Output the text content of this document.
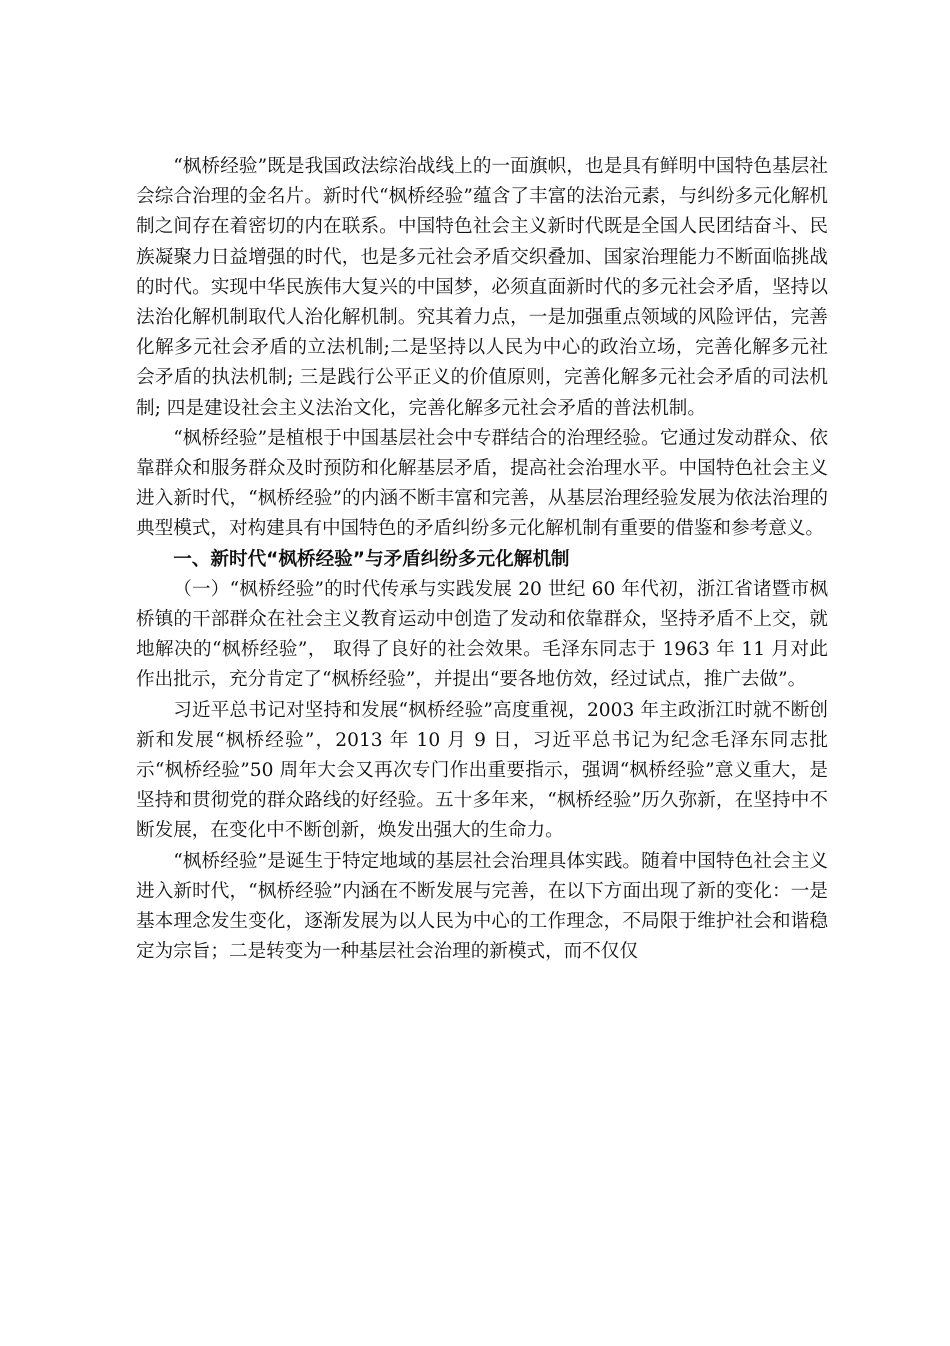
“枫桥经验”既是我国政法综治战线上的一面旗帜，也是具有鲜明中国特色基层社会综合治理的金名片。新时代“枫桥经验”蕴含了丰富的法治元素，与纠纷多元化解机制之间存在着密切的内在联系。中国特色社会主义新时代既是全国人民团结奋斗、民族凝聚力日益增强的时代，也是多元社会矛盾交织叠加、国家治理能力不断面临挑战的时代。实现中华民族伟大复兴的中国梦，必须直面新时代的多元社会矛盾，坚持以法治化解机制取代人治化解机制。究其着力点，一是加强重点领域的风险评估，完善化解多元社会矛盾的立法机制;二是坚持以人民为中心的政治立场，完善化解多元社会矛盾的执法机制; 三是践行公平正义的价值原则，完善化解多元社会矛盾的司法机制; 四是建设社会主义法治文化，完善化解多元社会矛盾的普法机制。

“枫桥经验”是植根于中国基层社会中专群结合的治理经验。它通过发动群众、依靠群众和服务群众及时预防和化解基层矛盾，提高社会治理水平。中国特色社会主义进入新时代，“枫桥经验”的内涵不断丰富和完善，从基层治理经验发展为依法治理的典型模式，对构建具有中国特色的矛盾纠纷多元化解机制有重要的借鉴和参考意义。

一、新时代“枫桥经验”与矛盾纠纷多元化解机制

（一）“枫桥经验”的时代传承与实践发展 20 世纪 60 年代初，浙江省诸暨市枫桥镇的干部群众在社会主义教育运动中创造了发动和依靠群众，坚持矛盾不上交，就地解决的“枫桥经验”， 取得了良好的社会效果。毛泽东同志于 1963 年 11 月对此作出批示，充分肯定了“枫桥经验”，并提出“要各地仿效，经过试点，推广去做”。

习近平总书记对坚持和发展“枫桥经验”高度重视，2003 年主政浙江时就不断创新和发展“枫桥经验”，2013 年 10 月 9 日，习近平总书记为纪念毛泽东同志批示“枫桥经验”50 周年大会又再次专门作出重要指示，强调“枫桥经验”意义重大，是坚持和贯彻党的群众路线的好经验。五十多年来，“枫桥经验”历久弥新，在坚持中不断发展，在变化中不断创新，焕发出强大的生命力。

“枫桥经验”是诞生于特定地域的基层社会治理具体实践。随着中国特色社会主义进入新时代，“枫桥经验”内涵在不断发展与完善，在以下方面出现了新的变化：一是基本理念发生变化，逐渐发展为以人民为中心的工作理念，不局限于维护社会和谐稳定为宗旨；二是转变为一种基层社会治理的新模式，而不仅仅
